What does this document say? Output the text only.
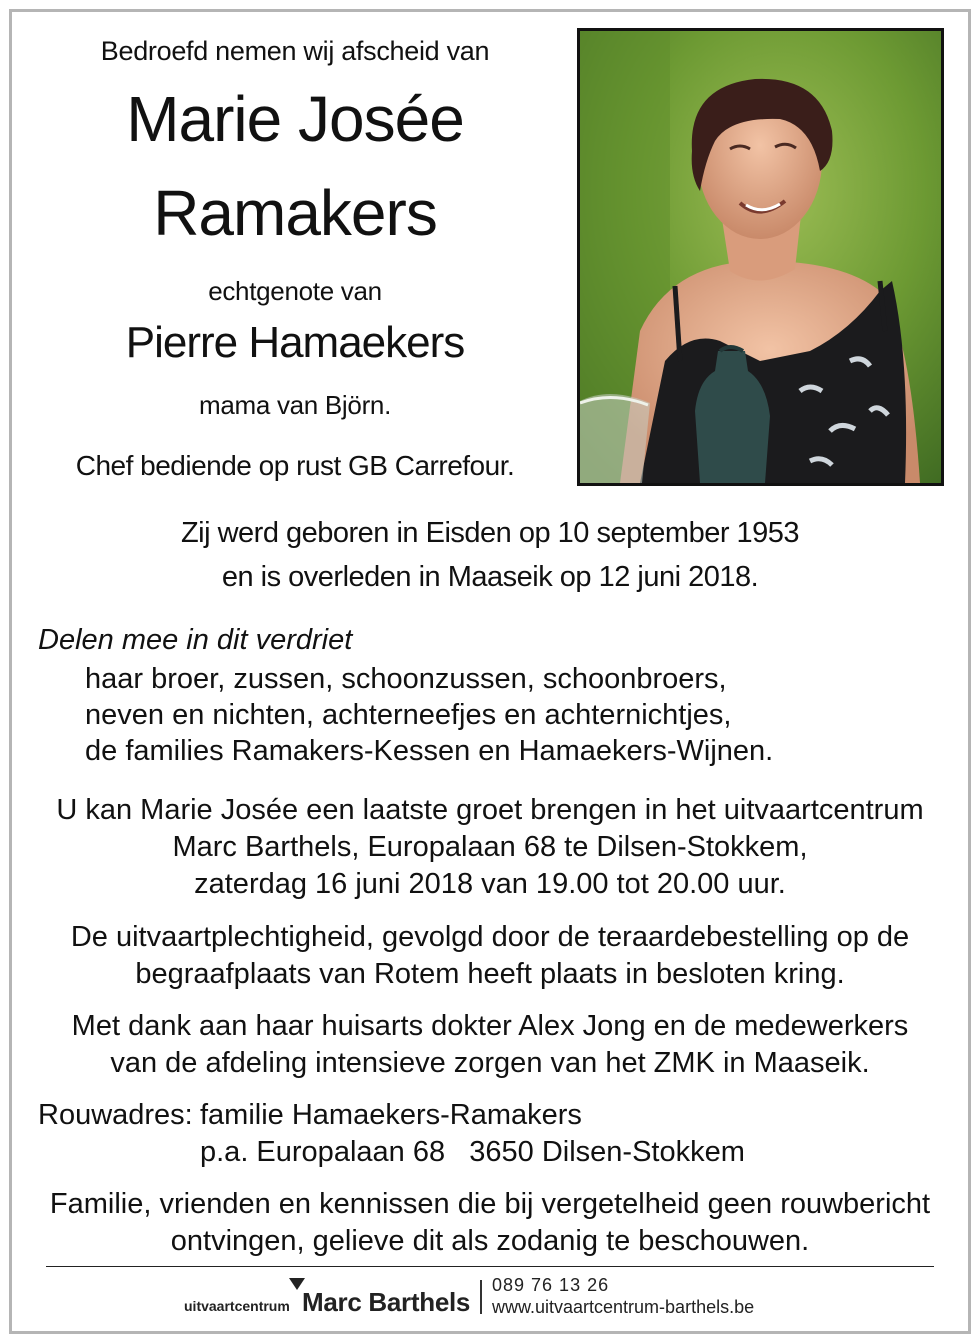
Bedroefd nemen wij afscheid van
Marie Josée
Ramakers
echtgenote van
Pierre Hamaekers
mama van Björn.
Chef bediende op rust GB Carrefour.
Zij werd geboren in Eisden op 10 september 1953
en is overleden in Maaseik op 12 juni 2018.
Delen mee in dit verdriet
haar broer, zussen, schoonzussen, schoonbroers,
neven en nichten, achterneefjes en achternichtjes,
de families Ramakers-Kessen en Hamaekers-Wijnen.
U kan Marie Josée een laatste groet brengen in het uitvaartcentrum
Marc Barthels, Europalaan 68 te Dilsen-Stokkem,
zaterdag 16 juni 2018 van 19.00 tot 20.00 uur.
De uitvaartplechtigheid, gevolgd door de teraardebestelling op de
begraafplaats van Rotem heeft plaats in besloten kring.
Met dank aan haar huisarts dokter Alex Jong en de medewerkers
van de afdeling intensieve zorgen van het ZMK in Maaseik.
Rouwadres: familie Hamaekers-Ramakers
p.a. Europalaan 68   3650 Dilsen-Stokkem
Familie, vrienden en kennissen die bij vergetelheid geen rouwbericht
ontvingen, gelieve dit als zodanig te beschouwen.
uitvaartcentrum Marc Barthels
089 76 13 26
www.uitvaartcentrum-barthels.be
